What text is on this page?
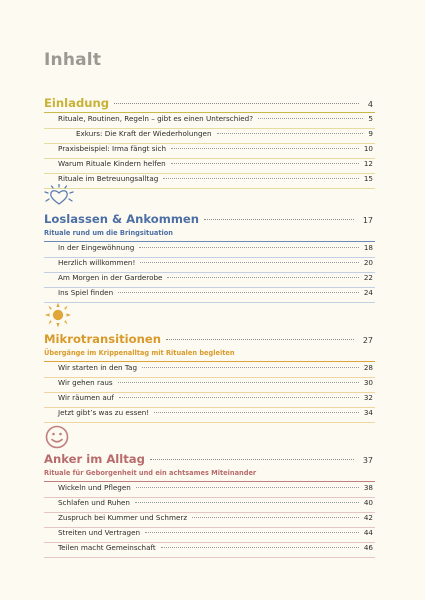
Inhalt
Einladung	4
Rituale, Routinen, Regeln – gibt es einen Unterschied?	5
Exkurs: Die Kraft der Wiederholungen	9
Praxisbeispiel: Irma fängt sich	10
Warum Rituale Kindern helfen	12
Rituale im Betreuungsalltag	15
Loslassen & Ankommen	17
Rituale rund um die Bringsituation
In der Eingewöhnung	18
Herzlich willkommen!	20
Am Morgen in der Garderobe	22
Ins Spiel finden	24
Mikrotransitionen	27
Übergänge im Krippenalltag mit Ritualen begleiten
Wir starten in den Tag	28
Wir gehen raus	30
Wir räumen auf	32
Jetzt gibt’s was zu essen!	34
Anker im Alltag	37
Rituale für Geborgenheit und ein achtsames Miteinander
Wickeln und Pflegen	38
Schlafen und Ruhen	40
Zuspruch bei Kummer und Schmerz	42
Streiten und Vertragen	44
Teilen macht Gemeinschaft	46
